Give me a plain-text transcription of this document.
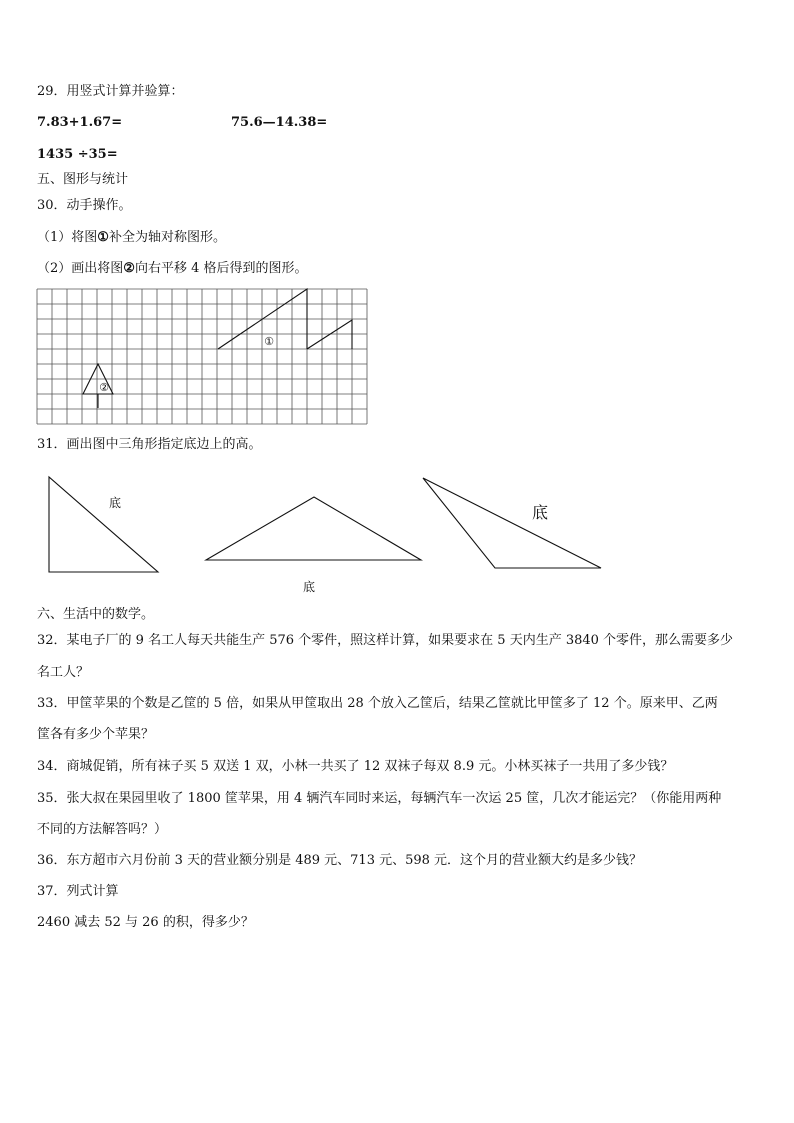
29．用竖式计算并验算：
7.83+1.67=	75.6—14.38=
1435 ÷35=
五、图形与统计
30．动手操作。
（1）将图①补全为轴对称图形。
（2）画出将图②向右平移 4 格后得到的图形。
①
②
31．画出图中三角形指定底边上的高。
底
底
底
六、生活中的数学。
32．某电子厂的 9 名工人每天共能生产 576 个零件，照这样计算，如果要求在 5 天内生产 3840 个零件，那么需要多少
名工人？
33．甲筐苹果的个数是乙筐的 5 倍，如果从甲筐取出 28 个放入乙筐后，结果乙筐就比甲筐多了 12 个。原来甲、乙两
筐各有多少个苹果？
34．商城促销，所有袜子买 5 双送 1 双，小林一共买了 12 双袜子每双 8.9 元。小林买袜子一共用了多少钱？
35．张大叔在果园里收了 1800 筐苹果，用 4 辆汽车同时来运，每辆汽车一次运 25 筐，几次才能运完？（你能用两种
不同的方法解答吗？）
36．东方超市六月份前 3 天的营业额分别是 489 元、713 元、598 元．这个月的营业额大约是多少钱？
37．列式计算
2460 减去 52 与 26 的积，得多少？
